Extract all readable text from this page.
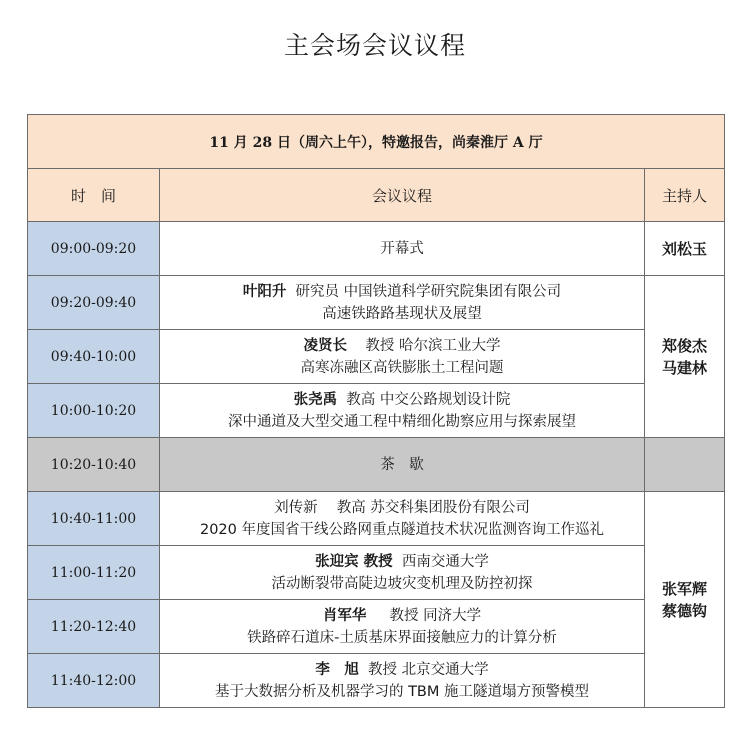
主会场会议议程
11 月 28 日（周六上午），特邀报告，尚秦淮厅 A 厅		
时　间	会议议程	主持人
09:00-09:20	开幕式	刘松玉
09:20-09:40	叶阳升 研究员 中国铁道科学研究院集团有限公司
高速铁路路基现状及展望	郑俊杰
马建林
09:40-10:00	凌贤长 教授 哈尔滨工业大学
高寒冻融区高铁膨胀土工程问题	
10:00-10:20	张尧禹 教高 中交公路规划设计院
深中通道及大型交通工程中精细化勘察应用与探索展望	
10:20-10:40	茶　歇	
10:40-11:00	刘传新　 教高 苏交科集团股份有限公司
2020 年度国省干线公路网重点隧道技术状况监测咨询工作巡礼	张军辉
蔡德钩
11:00-11:20	张迎宾 教授 西南交通大学
活动断裂带高陡边坡灾变机理及防控初探	
11:20-12:40	肖军华 教授 同济大学
铁路碎石道床-土质基床界面接触应力的计算分析	
11:40-12:00	李　旭 教授 北京交通大学
基于大数据分析及机器学习的 TBM 施工隧道塌方预警模型	
